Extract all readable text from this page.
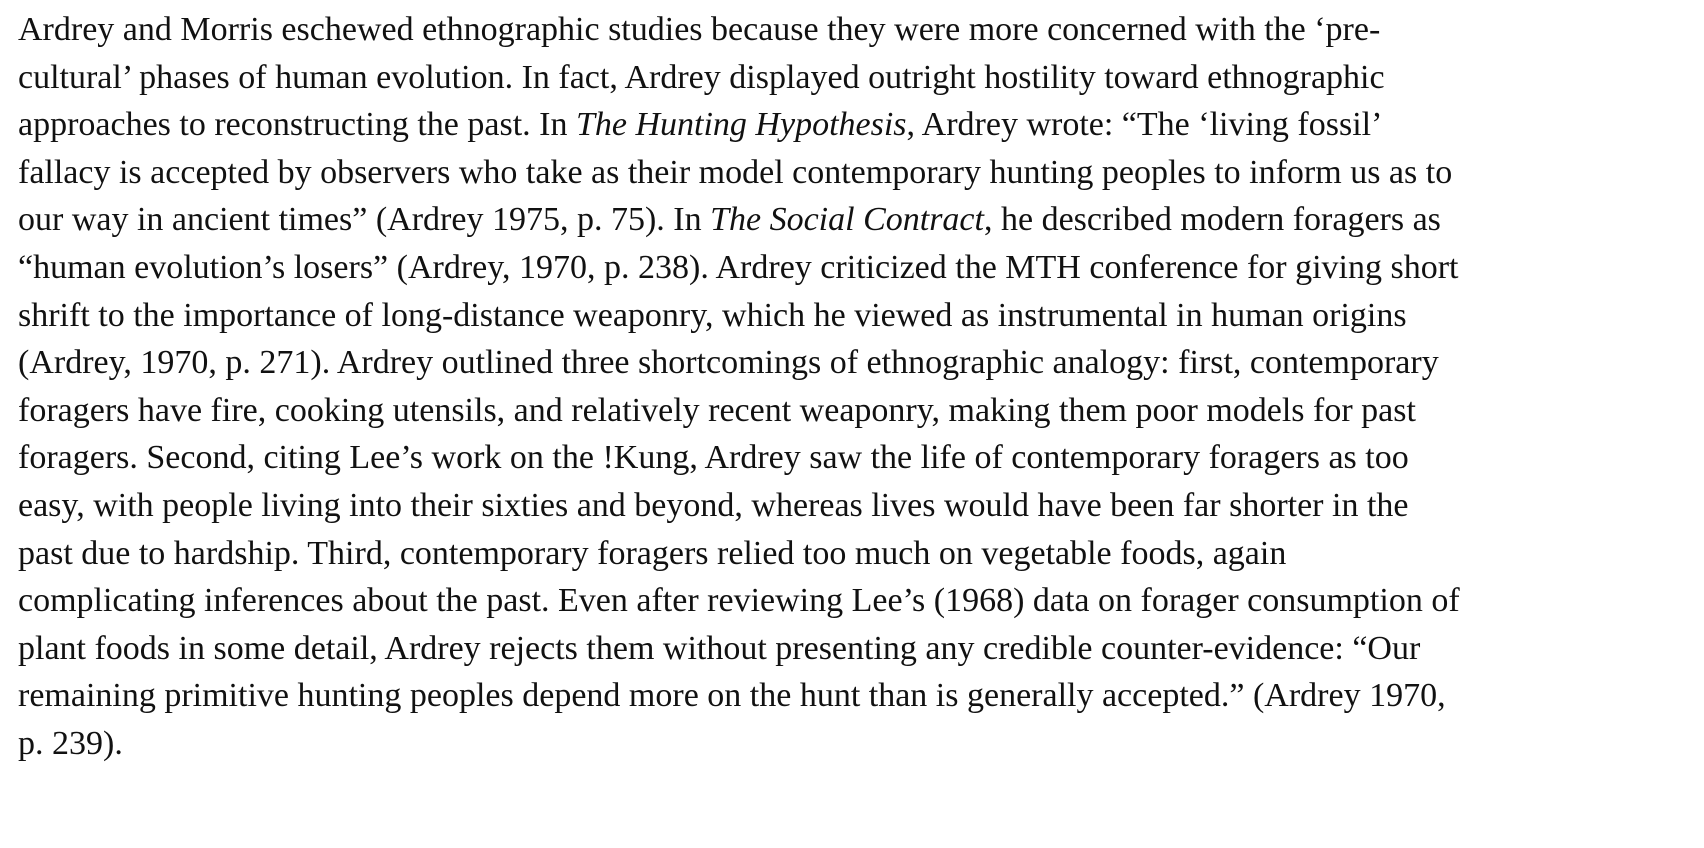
Ardrey and Morris eschewed ethnographic studies because they were more concerned with the ‘pre-
cultural’ phases of human evolution. In fact, Ardrey displayed outright hostility toward ethnographic
approaches to reconstructing the past. In The Hunting Hypothesis, Ardrey wrote: “The ‘living fossil’
fallacy is accepted by observers who take as their model contemporary hunting peoples to inform us as to
our way in ancient times” (Ardrey 1975, p. 75). In The Social Contract, he described modern foragers as
“human evolution’s losers” (Ardrey, 1970, p. 238). Ardrey criticized the MTH conference for giving short
shrift to the importance of long-distance weaponry, which he viewed as instrumental in human origins
(Ardrey, 1970, p. 271). Ardrey outlined three shortcomings of ethnographic analogy: first, contemporary
foragers have fire, cooking utensils, and relatively recent weaponry, making them poor models for past
foragers. Second, citing Lee’s work on the !Kung, Ardrey saw the life of contemporary foragers as too
easy, with people living into their sixties and beyond, whereas lives would have been far shorter in the
past due to hardship. Third, contemporary foragers relied too much on vegetable foods, again
complicating inferences about the past. Even after reviewing Lee’s (1968) data on forager consumption of
plant foods in some detail, Ardrey rejects them without presenting any credible counter-evidence: “Our
remaining primitive hunting peoples depend more on the hunt than is generally accepted.” (Ardrey 1970,
p. 239).
